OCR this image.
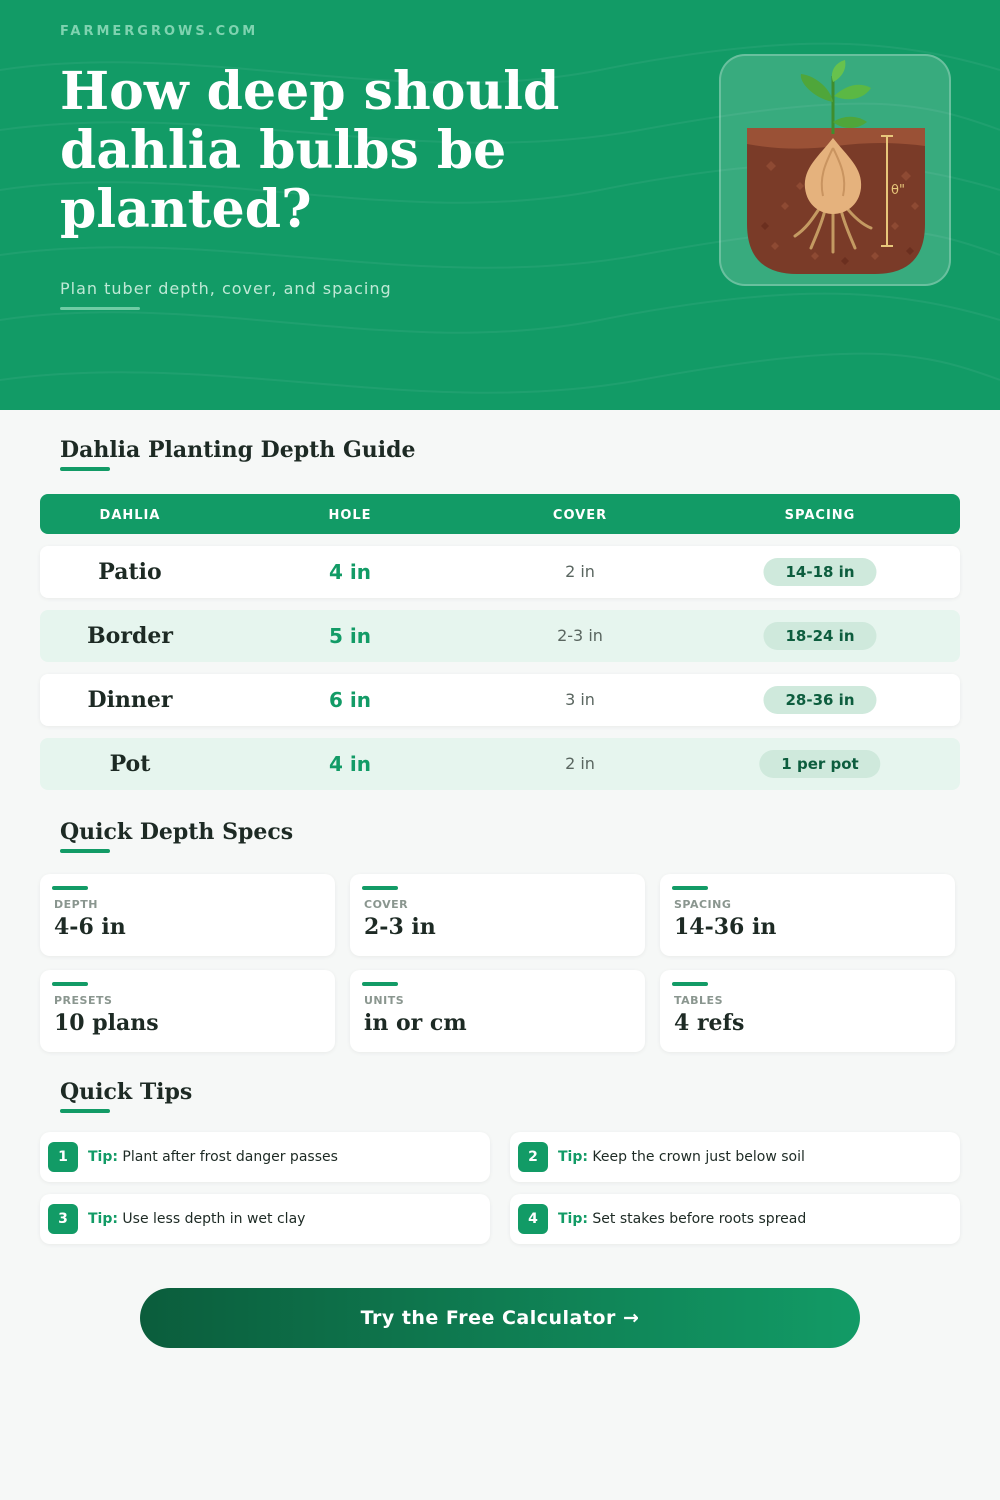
FARMERGROWS.COM
How deep should dahlia bulbs be planted?
Plan tuber depth, cover, and spacing
θ"
Dahlia Planting Depth Guide
DAHLIA	HOLE	COVER	SPACING
Patio	4 in	2 in	14-18 in
Border	5 in	2-3 in	18-24 in
Dinner	6 in	3 in	28-36 in
Pot	4 in	2 in	1 per pot
Quick Depth Specs
DEPTH
4-6 in
COVER
2-3 in
SPACING
14-36 in
PRESETS
10 plans
UNITS
in or cm
TABLES
4 refs
Quick Tips
1	Tip: Plant after frost danger passes	2	Tip: Keep the crown just below soil
3	Tip: Use less depth in wet clay	4	Tip: Set stakes before roots spread
Try the Free Calculator →
